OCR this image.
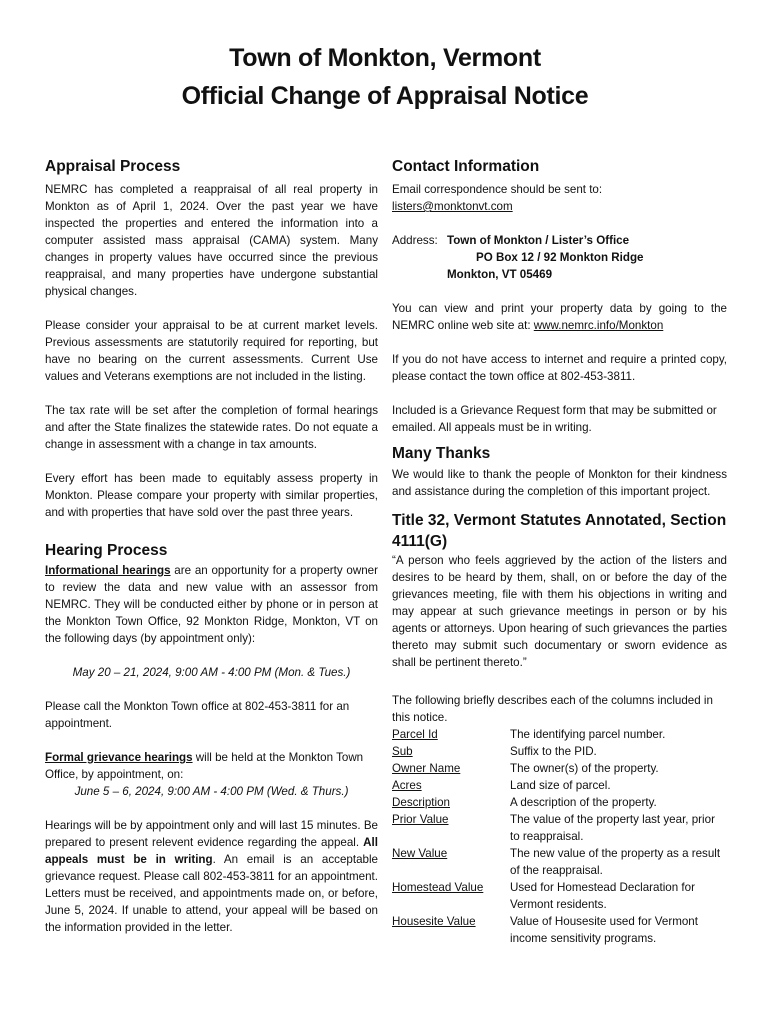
Town of Monkton, Vermont
Official Change of Appraisal Notice
Appraisal Process

NEMRC has completed a reappraisal of all real property in Monkton as of April 1, 2024. Over the past year we have inspected the properties and entered the information into a computer assisted mass appraisal (CAMA) system. Many changes in property values have occurred since the previous reappraisal, and many properties have undergone substantial physical changes.

Please consider your appraisal to be at current market levels. Previous assessments are statutorily required for reporting, but have no bearing on the current assessments. Current Use values and Veterans exemptions are not included in the listing.

The tax rate will be set after the completion of formal hearings and after the State finalizes the statewide rates. Do not equate a change in assessment with a change in tax amounts.

Every effort has been made to equitably assess property in Monkton. Please compare your property with similar properties, and with properties that have sold over the past three years.

Hearing Process

Informational hearings are an opportunity for a property owner to review the data and new value with an assessor from NEMRC. They will be conducted either by phone or in person at the Monkton Town Office, 92 Monkton Ridge, Monkton, VT on the following days (by appointment only):

May 20 – 21, 2024, 9:00 AM - 4:00 PM (Mon. & Tues.)

Please call the Monkton Town office at 802-453-3811 for an appointment.

Formal grievance hearings will be held at the Monkton Town Office, by appointment, on:

June 5 – 6, 2024, 9:00 AM - 4:00 PM (Wed. & Thurs.)

Hearings will be by appointment only and will last 15 minutes. Be prepared to present relevent evidence regarding the appeal. All appeals must be in writing. An email is an acceptable grievance request. Please call 802-453-3811 for an appointment. Letters must be received, and appointments made on, or before, June 5, 2024. If unable to attend, your appeal will be based on the information provided in the letter.

Contact Information

Email correspondence should be sent to:

listers@monktonvt.com

Address: Town of Monkton / Lister’s Office
PO Box 12 / 92 Monkton Ridge
Monkton, VT 05469

You can view and print your property data by going to the NEMRC online web site at: www.nemrc.info/Monkton

If you do not have access to internet and require a printed copy, please contact the town office at 802-453-3811.

Included is a Grievance Request form that may be submitted or emailed. All appeals must be in writing.

Many Thanks

We would like to thank the people of Monkton for their kindness and assistance during the completion of this important project.

Title 32, Vermont Statutes Annotated, Section 4111(G)

“A person who feels aggrieved by the action of the listers and desires to be heard by them, shall, on or before the day of the grievances meeting, file with them his objections in writing and may appear at such grievance meetings in person or by his agents or attorneys. Upon hearing of such grievances the parties thereto may submit such documentary or sworn evidence as shall be pertinent thereto.”

The following briefly describes each of the columns included in this notice.

Parcel Id	The identifying parcel number.
Sub	Suffix to the PID.
Owner Name	The owner(s) of the property.
Acres	Land size of parcel.
Description	A description of the property.
Prior Value	The value of the property last year, prior to reappraisal.
New Value	The new value of the property as a result of the reappraisal.
Homestead Value	Used for Homestead Declaration for Vermont residents.
Housesite Value	Value of Housesite used for Vermont income sensitivity programs.
